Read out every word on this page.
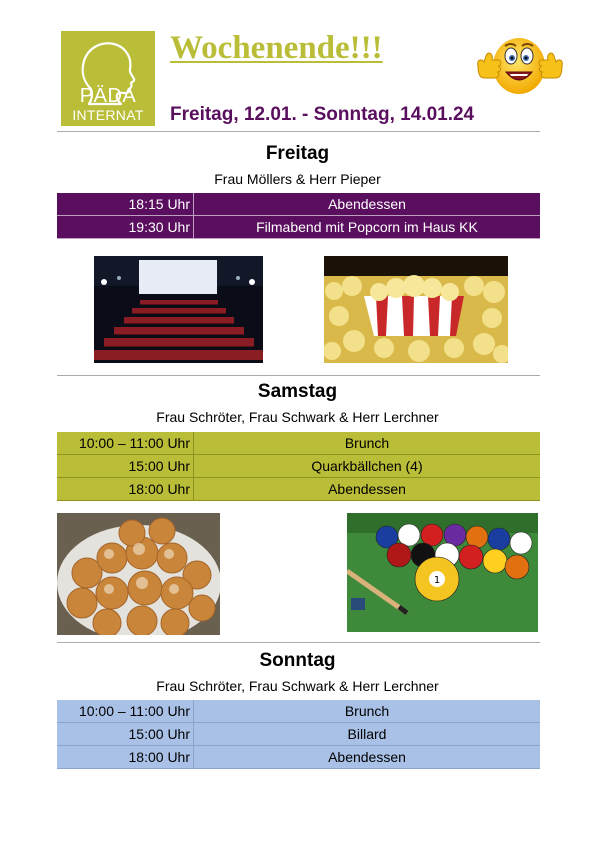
PÄDA
INTERNAT
Wochenende!!!
Freitag, 12.01. - Sonntag, 14.01.24
Freitag
Frau Möllers & Herr Pieper
18:15 Uhr	Abendessen
19:30 Uhr	Filmabend mit Popcorn im Haus KK
Samstag
Frau Schröter, Frau Schwark & Herr Lerchner
10:00 – 11:00 Uhr	Brunch
15:00 Uhr	Quarkbällchen (4)
18:00 Uhr	Abendessen
1
Sonntag
Frau Schröter, Frau Schwark & Herr Lerchner
10:00 – 11:00 Uhr	Brunch
15:00 Uhr	Billard
18:00 Uhr	Abendessen
